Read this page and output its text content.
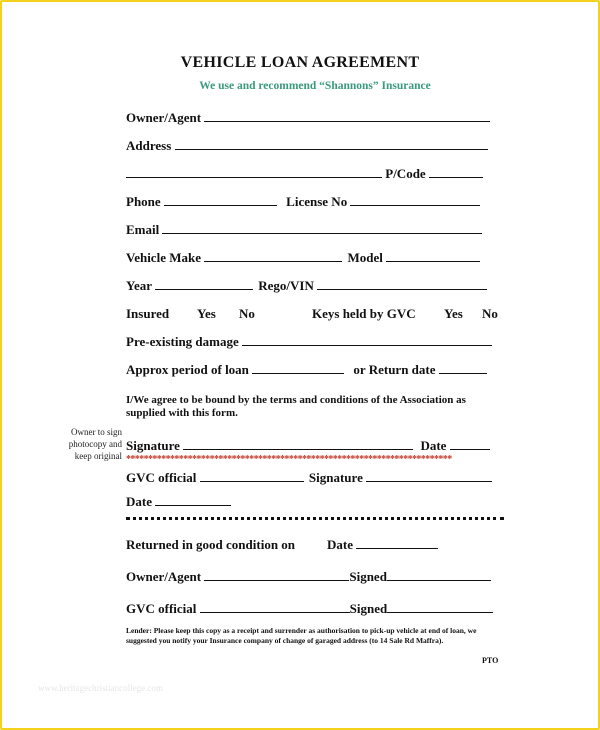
VEHICLE LOAN AGREEMENT
We use and recommend “Shannons” Insurance
Owner/Agent
Address
P/Code
Phone	License No
Email
Vehicle Make	Model
Year	Rego/VIN
Insured Yes No	Keys held by GVC Yes No
Pre-existing damage
Approx period of loan	or Return date
I/We agree to be bound by the terms and conditions of the Association as supplied with this form.
Owner to sign photocopy and keep original
Signature	Date
**************************************************************************
GVC official	Signature
Date
Returned in good condition on Date
Owner/Agent	Signed
GVC official	Signed
Lender: Please keep this copy as a receipt and surrender as authorisation to pick-up vehicle at end of loan, we suggested you notify your Insurance company of change of garaged address (to 14 Sale Rd Maffra).
PTO
www.heritagechristiancollege.com
